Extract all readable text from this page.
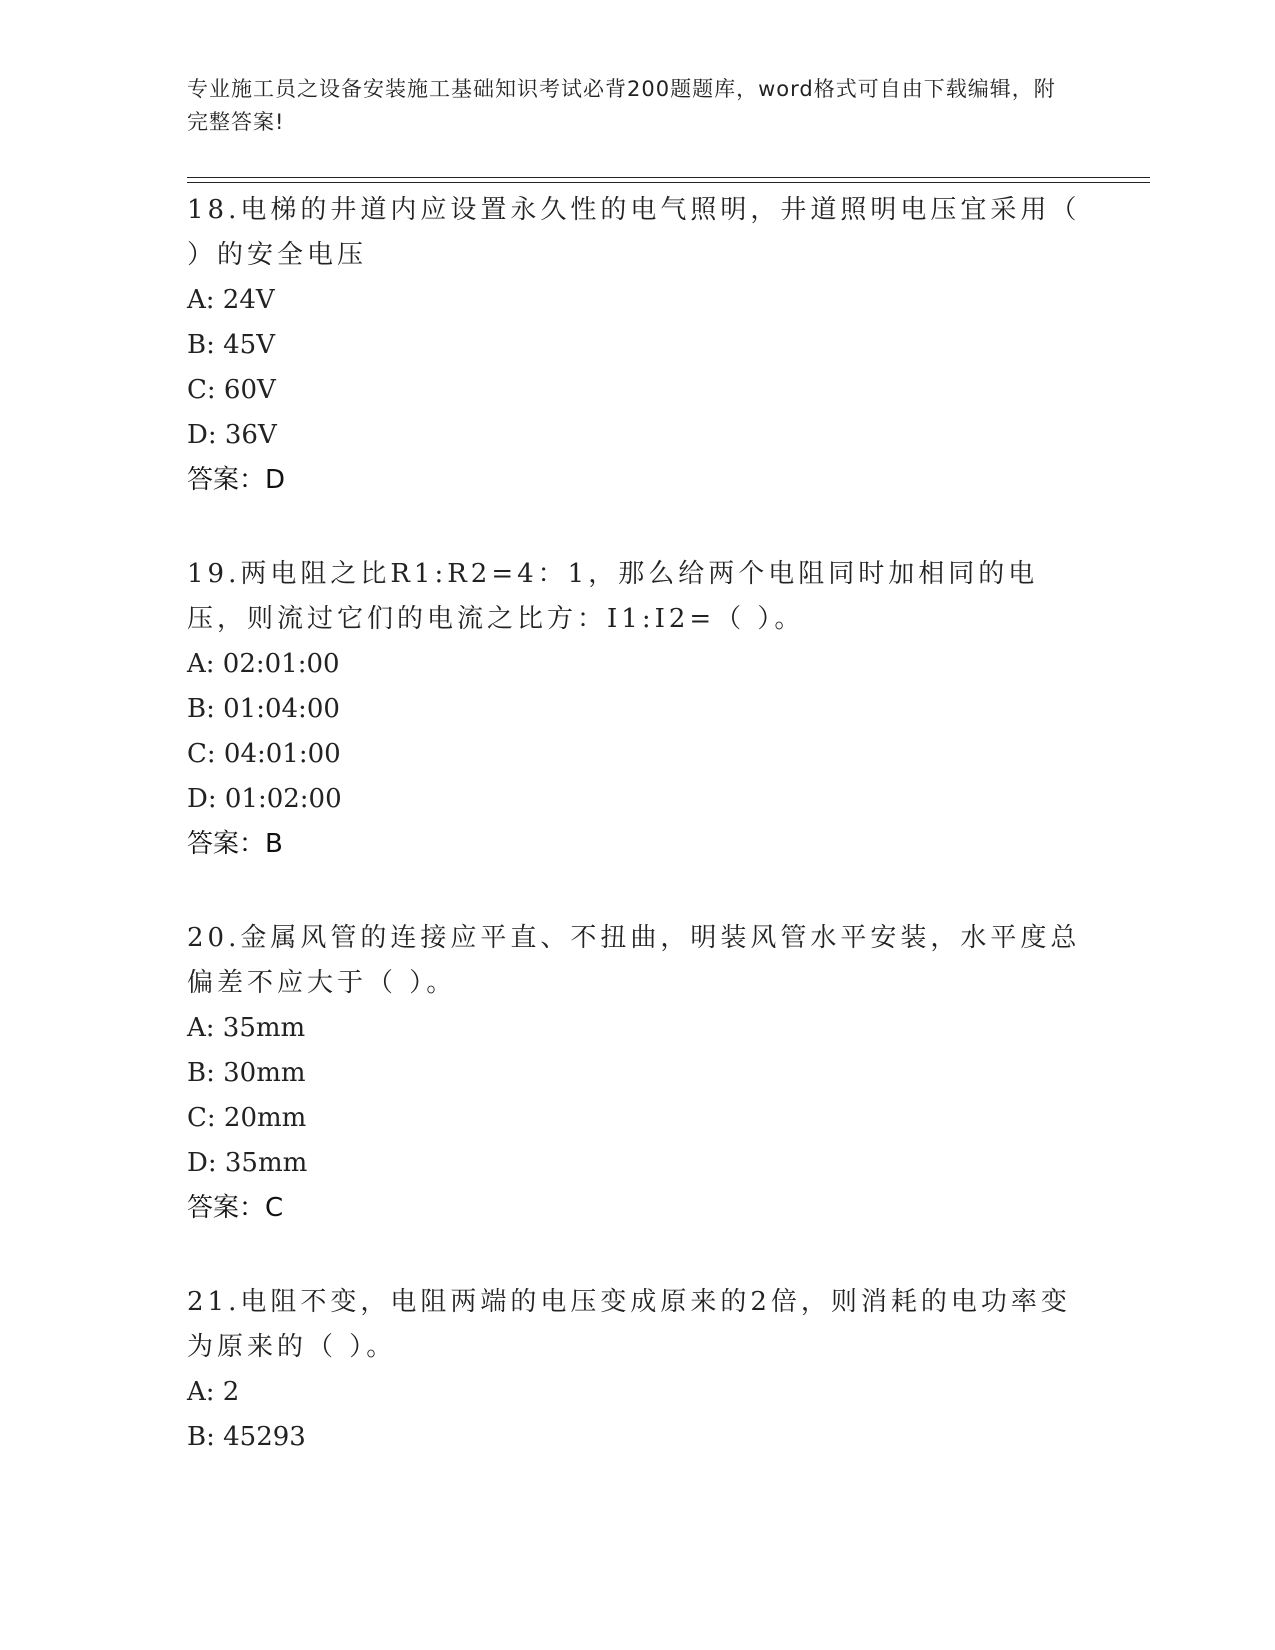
专业施工员之设备安装施工基础知识考试必背200题题库，word格式可自由下载编辑，附完整答案!
18.电梯的井道内应设置永久性的电气照明，井道照明电压宜采用（ ）的安全电压
A: 24V
B: 45V
C: 60V
D: 36V
答案：D
19.两电阻之比R1:R2=4：1，那么给两个电阻同时加相同的电压，则流过它们的电流之比方：I1:I2=（ ）。
A: 02:01:00
B: 01:04:00
C: 04:01:00
D: 01:02:00
答案：B
20.金属风管的连接应平直、不扭曲，明装风管水平安装，水平度总偏差不应大于（ ）。
A: 35mm
B: 30mm
C: 20mm
D: 35mm
答案：C
21.电阻不变，电阻两端的电压变成原来的2倍，则消耗的电功率变为原来的（ ）。
A: 2
B: 45293
